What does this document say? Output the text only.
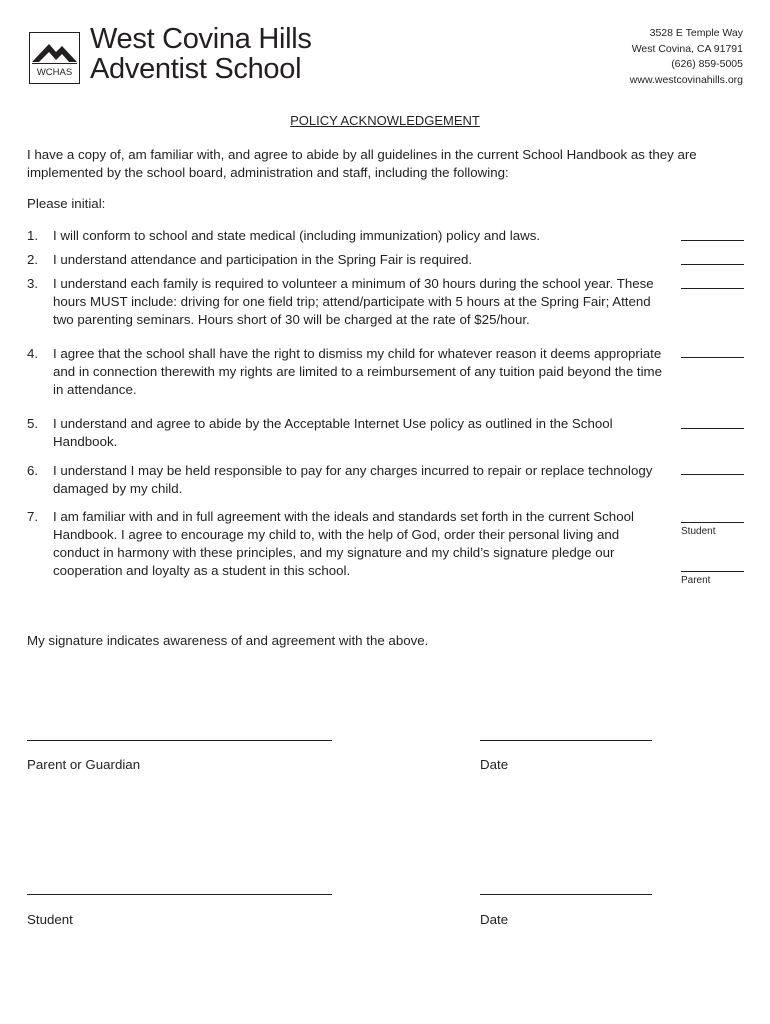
WCHAS
West Covina Hills
Adventist School
3528 E Temple Way
West Covina, CA 91791
(626) 859-5005
www.westcovinahills.org
POLICY ACKNOWLEDGEMENT
I have a copy of, am familiar with, and agree to abide by all guidelines in the current School Handbook as they are implemented by the school board, administration and staff, including the following:
Please initial:
1.	I will conform to school and state medical (including immunization) policy and laws.
2.	I understand attendance and participation in the Spring Fair is required.
3.	I understand each family is required to volunteer a minimum of 30 hours during the school year. These hours MUST include: driving for one field trip; attend/participate with 5 hours at the Spring Fair; Attend two parenting seminars. Hours short of 30 will be charged at the rate of $25/hour.
4.	I agree that the school shall have the right to dismiss my child for whatever reason it deems appropriate and in connection therewith my rights are limited to a reimbursement of any tuition paid beyond the time in attendance.
5.	I understand and agree to abide by the Acceptable Internet Use policy as outlined in the School Handbook.
6.	I understand I may be held responsible to pay for any charges incurred to repair or replace technology damaged by my child.
7.	I am familiar with and in full agreement with the ideals and standards set forth in the current School Handbook. I agree to encourage my child to, with the help of God, order their personal living and conduct in harmony with these principles, and my signature and my child’s signature pledge our cooperation and loyalty as a student in this school.
Student
Parent
My signature indicates awareness of and agreement with the above.
Parent or Guardian	Date
Student	Date
